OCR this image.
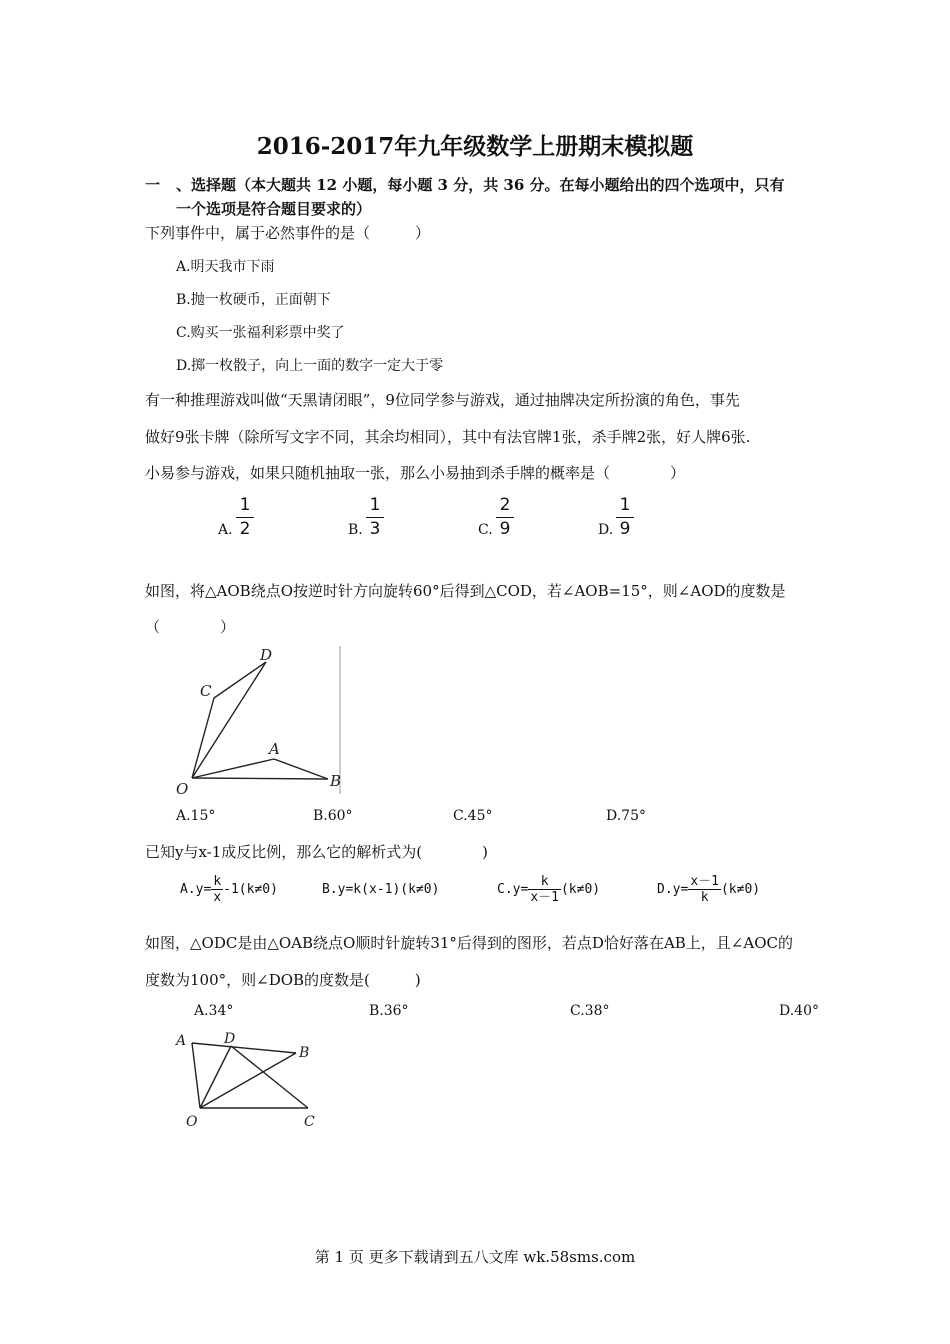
2016-2017年九年级数学上册期末模拟题
一 、选择题（本大题共 12 小题，每小题 3 分，共 36 分。在每小题给出的四个选项中，只有
一个选项是符合题目要求的）
下列事件中，属于必然事件的是（　　　）
A.明天我市下雨
B.抛一枚硬币，正面朝下
C.购买一张福利彩票中奖了
D.掷一枚骰子，向上一面的数字一定大于零
有一种推理游戏叫做“天黑请闭眼”，9位同学参与游戏，通过抽牌决定所扮演的角色，事先
做好9张卡牌（除所写文字不同，其余均相同），其中有法官牌1张，杀手牌2张，好人牌6张.
小易参与游戏，如果只随机抽取一张，那么小易抽到杀手牌的概率是（　　　　）
A.
1
2	B.
1
3	C.
2
9	D.
1
9
如图，将△AOB绕点O按逆时针方向旋转60°后得到△COD，若∠AOB=15°，则∠AOD的度数是
（　　　　）
D
C
A
O	B
A.15°	B.60°	C.45°	D.75°
已知y与x-1成反比例，那么它的解析式为(　　　　)
$A.y= \frac{k}{x} -1(k\ne 0)$	B.y=k(x-1)(k≠0)	$C.y= \frac{k}{x-1} (k\ne 0)$	$D.y= \frac{x-1}{k} (k\ne 0)$
如图，△ODC是由△OAB绕点O顺时针旋转31°后得到的图形，若点D恰好落在AB上，且∠AOC的
度数为100°，则∠DOB的度数是(　　　)
A.34°	B.36°	C.38°	D.40°
A	D
B
O	C
第 1 页 更多下载请到五八文库 wk.58sms.com
